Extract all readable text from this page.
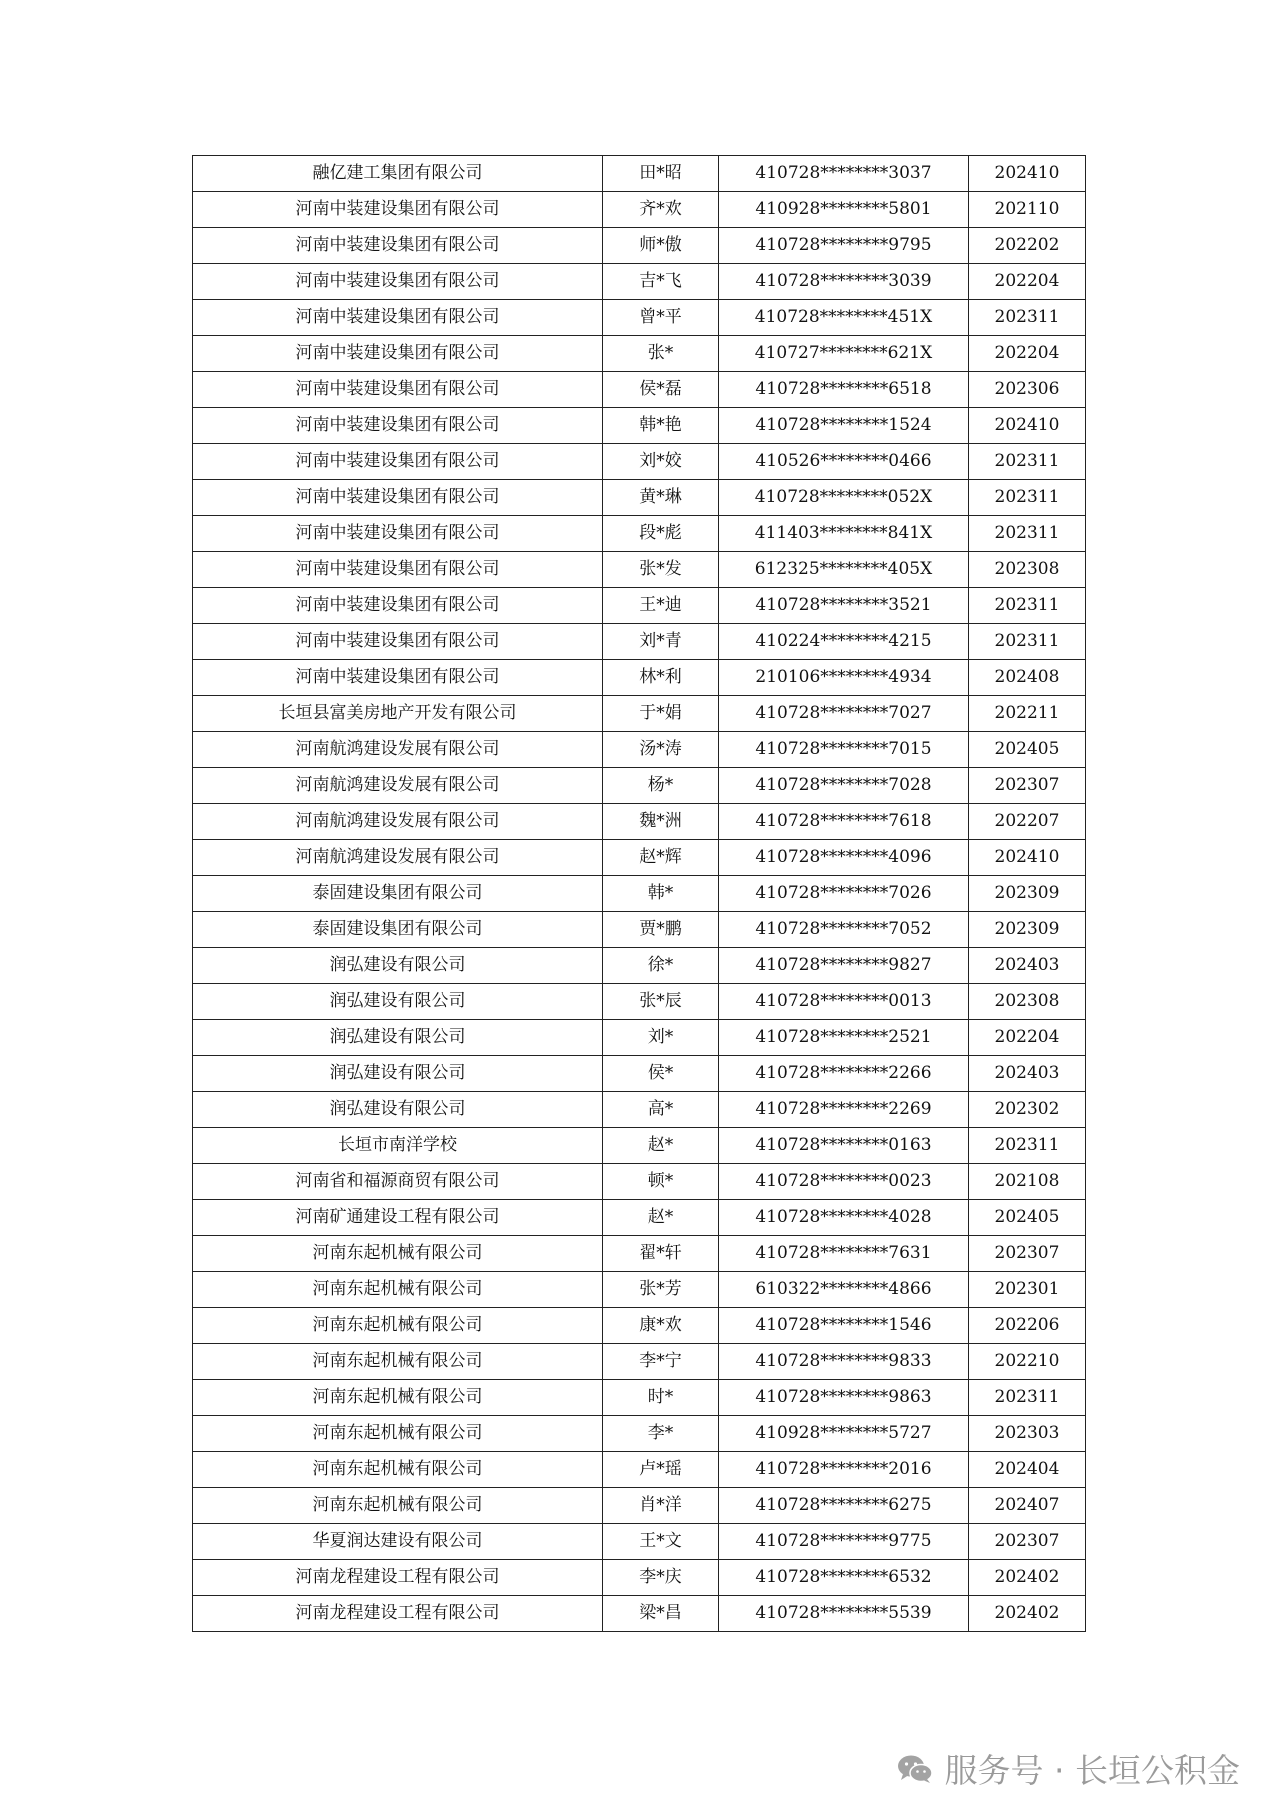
融亿建工集团有限公司	田*昭	410728********3037	202410
河南中装建设集团有限公司	齐*欢	410928********5801	202110
河南中装建设集团有限公司	师*傲	410728********9795	202202
河南中装建设集团有限公司	吉*飞	410728********3039	202204
河南中装建设集团有限公司	曾*平	410728********451X	202311
河南中装建设集团有限公司	张*	410727********621X	202204
河南中装建设集团有限公司	侯*磊	410728********6518	202306
河南中装建设集团有限公司	韩*艳	410728********1524	202410
河南中装建设集团有限公司	刘*姣	410526********0466	202311
河南中装建设集团有限公司	黄*琳	410728********052X	202311
河南中装建设集团有限公司	段*彪	411403********841X	202311
河南中装建设集团有限公司	张*发	612325********405X	202308
河南中装建设集团有限公司	王*迪	410728********3521	202311
河南中装建设集团有限公司	刘*青	410224********4215	202311
河南中装建设集团有限公司	林*利	210106********4934	202408
长垣县富美房地产开发有限公司	于*娟	410728********7027	202211
河南航鸿建设发展有限公司	汤*涛	410728********7015	202405
河南航鸿建设发展有限公司	杨*	410728********7028	202307
河南航鸿建设发展有限公司	魏*洲	410728********7618	202207
河南航鸿建设发展有限公司	赵*辉	410728********4096	202410
泰固建设集团有限公司	韩*	410728********7026	202309
泰固建设集团有限公司	贾*鹏	410728********7052	202309
润弘建设有限公司	徐*	410728********9827	202403
润弘建设有限公司	张*辰	410728********0013	202308
润弘建设有限公司	刘*	410728********2521	202204
润弘建设有限公司	侯*	410728********2266	202403
润弘建设有限公司	高*	410728********2269	202302
长垣市南洋学校	赵*	410728********0163	202311
河南省和福源商贸有限公司	顿*	410728********0023	202108
河南矿通建设工程有限公司	赵*	410728********4028	202405
河南东起机械有限公司	翟*轩	410728********7631	202307
河南东起机械有限公司	张*芳	610322********4866	202301
河南东起机械有限公司	康*欢	410728********1546	202206
河南东起机械有限公司	李*宁	410728********9833	202210
河南东起机械有限公司	时*	410728********9863	202311
河南东起机械有限公司	李*	410928********5727	202303
河南东起机械有限公司	卢*瑶	410728********2016	202404
河南东起机械有限公司	肖*洋	410728********6275	202407
华夏润达建设有限公司	王*文	410728********9775	202307
河南龙程建设工程有限公司	李*庆	410728********6532	202402
河南龙程建设工程有限公司	梁*昌	410728********5539	202402
服务号 · 长垣公积金
